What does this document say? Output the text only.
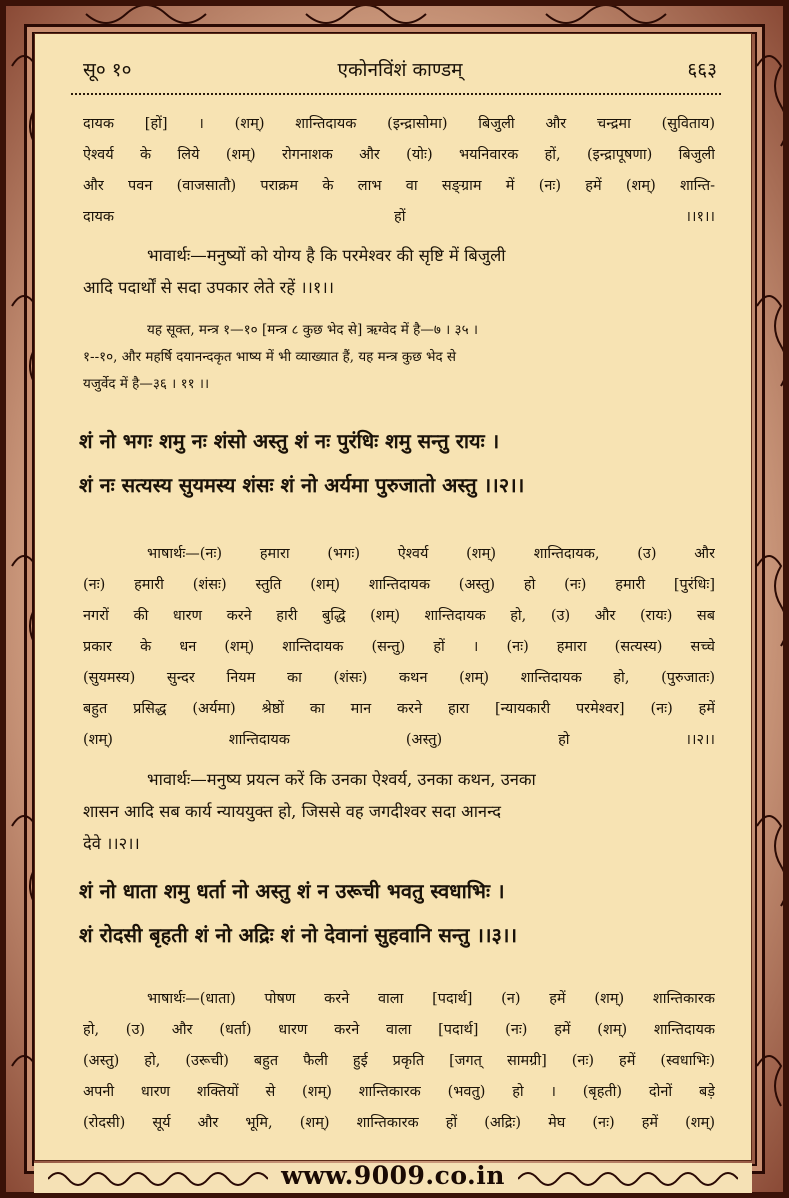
एकोनविंशं काण्डम्
सू० १०	६६३
दायक [हों] । (शम्) शान्तिदायक (इन्द्रासोमा) बिजुली और चन्द्रमा (सुविताय)
ऐश्वर्य के लिये (शम्) रोगनाशक और (योः) भयनिवारक हों, (इन्द्रापूषणा) बिजुली
और पवन (वाजसातौ) पराक्रम के लाभ वा सङ्ग्राम में (नः) हमें (शम्) शान्ति-
दायक हों ।।१।।
भावार्थः—मनुष्यों को योग्य है कि परमेश्वर की सृष्टि में बिजुली
आदि पदार्थों से सदा उपकार लेते रहें ।।१।।
यह सूक्त, मन्त्र १—१० [मन्त्र ८ कुछ भेद से] ऋग्वेद में है—७ । ३५ ।
१--१०, और महर्षि दयानन्दकृत भाष्य में भी व्याख्यात हैं, यह मन्त्र कुछ भेद से
यजुर्वेद में है—३६ । ११ ।।
शं नो भगः शमु नः शंसो अस्तु शं नः पुरंधिः शमु सन्तु रायः ।
शं नः सत्यस्य सुयमस्य शंसः शं नो अर्यमा पुरुजातो अस्तु ।।२।।
भाषार्थः—(नः) हमारा (भगः) ऐश्वर्य (शम्) शान्तिदायक, (उ) और
(नः) हमारी (शंसः) स्तुति (शम्) शान्तिदायक (अस्तु) हो (नः) हमारी [पुरंधिः]
नगरों की धारण करने हारी बुद्धि (शम्) शान्तिदायक हो, (उ) और (रायः) सब
प्रकार के धन (शम्) शान्तिदायक (सन्तु) हों । (नः) हमारा (सत्यस्य) सच्चे
(सुयमस्य) सुन्दर नियम का (शंसः) कथन (शम्) शान्तिदायक हो, (पुरुजातः)
बहुत प्रसिद्ध (अर्यमा) श्रेष्ठों का मान करने हारा [न्यायकारी परमेश्वर] (नः) हमें
(शम्) शान्तिदायक (अस्तु) हो ।।२।।
भावार्थः—मनुष्य प्रयत्न करें कि उनका ऐश्वर्य, उनका कथन, उनका
शासन आदि सब कार्य न्याययुक्त हो, जिससे वह जगदीश्वर सदा आनन्द
देवे ।।२।।
शं नो धाता शमु धर्ता नो अस्तु शं न उरूची भवतु स्वधाभिः ।
शं रोदसी बृहती शं नो अद्रिः शं नो देवानां सुहवानि सन्तु ।।३।।
भाषार्थः—(धाता) पोषण करने वाला [पदार्थ] (न) हमें (शम्) शान्तिकारक
हो, (उ) और (धर्ता) धारण करने वाला [पदार्थ] (नः) हमें (शम्) शान्तिदायक
(अस्तु) हो, (उरूची) बहुत फैली हुई प्रकृति [जगत् सामग्री] (नः) हमें (स्वधाभिः)
अपनी धारण शक्तियों से (शम्) शान्तिकारक (भवतु) हो । (बृहती) दोनों बड़े
(रोदसी) सूर्य और भूमि, (शम्) शान्तिकारक हों (अद्रिः) मेघ (नः) हमें (शम्)
www.9009.co.in
